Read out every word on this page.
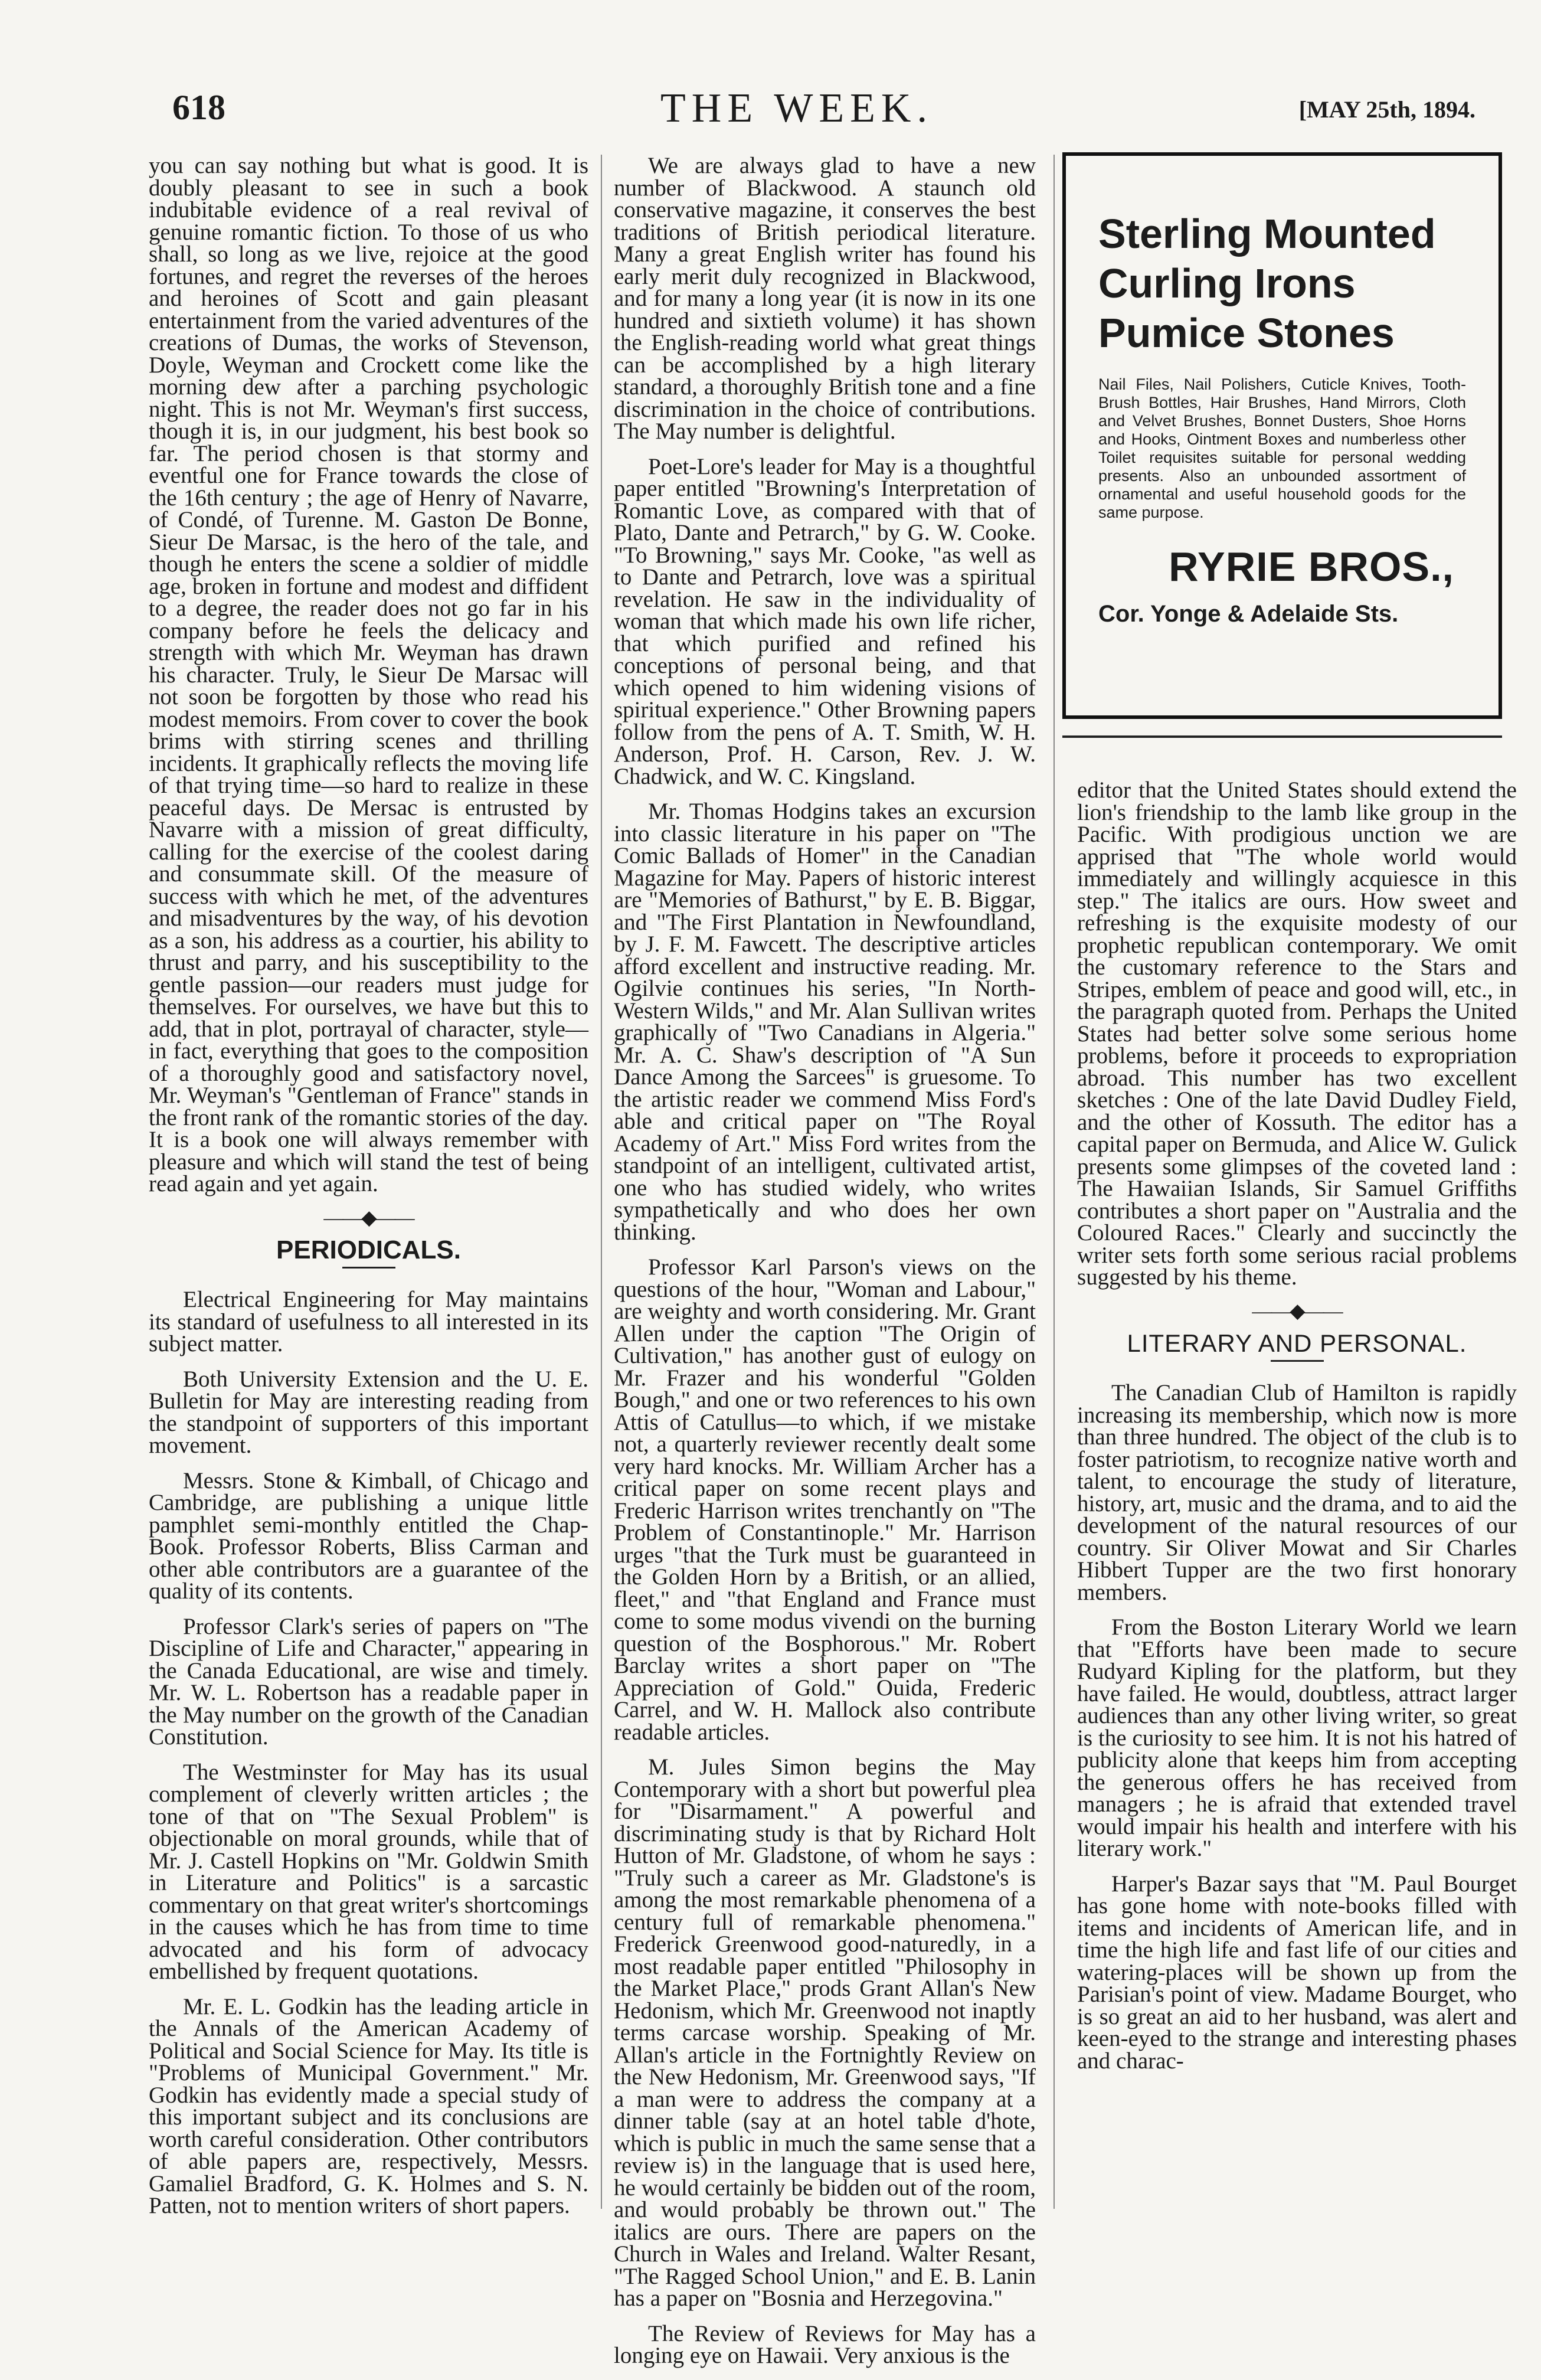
618	THE WEEK.	[MAY 25th, 1894.

you can say nothing but what is good. It is doubly pleasant to see in such a book indubitable evidence of a real revival of genuine romantic fiction. To those of us who shall, so long as we live, rejoice at the good fortunes, and regret the reverses of the heroes and heroines of Scott and gain pleasant entertainment from the varied adventures of the creations of Dumas, the works of Stevenson, Doyle, Weyman and Crockett come like the morning dew after a parching psychologic night. This is not Mr. Weyman's first success, though it is, in our judgment, his best book so far. The period chosen is that stormy and eventful one for France towards the close of the 16th century ; the age of Henry of Navarre, of Condé, of Turenne. M. Gaston De Bonne, Sieur De Marsac, is the hero of the tale, and though he enters the scene a soldier of middle age, broken in fortune and modest and diffident to a degree, the reader does not go far in his company before he feels the delicacy and strength with which Mr. Weyman has drawn his character. Truly, le Sieur De Marsac will not soon be forgotten by those who read his modest memoirs. From cover to cover the book brims with stirring scenes and thrilling incidents. It graphically reflects the moving life of that trying time—so hard to realize in these peaceful days. De Mersac is entrusted by Navarre with a mission of great difficulty, calling for the exercise of the coolest daring and consummate skill. Of the measure of success with which he met, of the adventures and misadventures by the way, of his devotion as a son, his address as a courtier, his ability to thrust and parry, and his susceptibility to the gentle passion—our readers must judge for themselves. For ourselves, we have but this to add, that in plot, portrayal of character, style—in fact, everything that goes to the composition of a thoroughly good and satisfactory novel, Mr. Weyman's "Gentleman of France" stands in the front rank of the romantic stories of the day. It is a book one will always remember with pleasure and which will stand the test of being read again and yet again.

——◆——
PERIODICALS.

Electrical Engineering for May maintains its standard of usefulness to all interested in its subject matter.

Both University Extension and the U. E. Bulletin for May are interesting reading from the standpoint of supporters of this important movement.

Messrs. Stone & Kimball, of Chicago and Cambridge, are publishing a unique little pamphlet semi-monthly entitled the Chap-Book. Professor Roberts, Bliss Carman and other able contributors are a guarantee of the quality of its contents.

Professor Clark's series of papers on "The Discipline of Life and Character," appearing in the Canada Educational, are wise and timely. Mr. W. L. Robertson has a readable paper in the May number on the growth of the Canadian Constitution.

The Westminster for May has its usual complement of cleverly written articles ; the tone of that on "The Sexual Problem" is objectionable on moral grounds, while that of Mr. J. Castell Hopkins on "Mr. Goldwin Smith in Literature and Politics" is a sarcastic commentary on that great writer's shortcomings in the causes which he has from time to time advocated and his form of advocacy embellished by frequent quotations.

Mr. E. L. Godkin has the leading article in the Annals of the American Academy of Political and Social Science for May. Its title is "Problems of Municipal Government." Mr. Godkin has evidently made a special study of this important subject and its conclusions are worth careful consideration. Other contributors of able papers are, respectively, Messrs. Gamaliel Bradford, G. K. Holmes and S. N. Patten, not to mention writers of short papers.

We are always glad to have a new number of Blackwood. A staunch old conservative magazine, it conserves the best traditions of British periodical literature. Many a great English writer has found his early merit duly recognized in Blackwood, and for many a long year (it is now in its one hundred and sixtieth volume) it has shown the English-reading world what great things can be accomplished by a high literary standard, a thoroughly British tone and a fine discrimination in the choice of contributions. The May number is delightful.

Poet-Lore's leader for May is a thoughtful paper entitled "Browning's Interpretation of Romantic Love, as compared with that of Plato, Dante and Petrarch," by G. W. Cooke. "To Browning," says Mr. Cooke, "as well as to Dante and Petrarch, love was a spiritual revelation. He saw in the individuality of woman that which made his own life richer, that which purified and refined his conceptions of personal being, and that which opened to him widening visions of spiritual experience." Other Browning papers follow from the pens of A. T. Smith, W. H. Anderson, Prof. H. Carson, Rev. J. W. Chadwick, and W. C. Kingsland.

Mr. Thomas Hodgins takes an excursion into classic literature in his paper on "The Comic Ballads of Homer" in the Canadian Magazine for May. Papers of historic interest are "Memories of Bathurst," by E. B. Biggar, and "The First Plantation in Newfoundland, by J. F. M. Fawcett. The descriptive articles afford excellent and instructive reading. Mr. Ogilvie continues his series, "In North-Western Wilds," and Mr. Alan Sullivan writes graphically of "Two Canadians in Algeria." Mr. A. C. Shaw's description of "A Sun Dance Among the Sarcees" is gruesome. To the artistic reader we commend Miss Ford's able and critical paper on "The Royal Academy of Art." Miss Ford writes from the standpoint of an intelligent, cultivated artist, one who has studied widely, who writes sympathetically and who does her own thinking.

Professor Karl Parson's views on the questions of the hour, "Woman and Labour," are weighty and worth considering. Mr. Grant Allen under the caption "The Origin of Cultivation," has another gust of eulogy on Mr. Frazer and his wonderful "Golden Bough," and one or two references to his own Attis of Catullus—to which, if we mistake not, a quarterly reviewer recently dealt some very hard knocks. Mr. William Archer has a critical paper on some recent plays and Frederic Harrison writes trenchantly on "The Problem of Constantinople." Mr. Harrison urges "that the Turk must be guaranteed in the Golden Horn by a British, or an allied, fleet," and "that England and France must come to some modus vivendi on the burning question of the Bosphorous." Mr. Robert Barclay writes a short paper on "The Appreciation of Gold." Ouida, Frederic Carrel, and W. H. Mallock also contribute readable articles.

M. Jules Simon begins the May Contemporary with a short but powerful plea for "Disarmament." A powerful and discriminating study is that by Richard Holt Hutton of Mr. Gladstone, of whom he says : "Truly such a career as Mr. Gladstone's is among the most remarkable phenomena of a century full of remarkable phenomena." Frederick Greenwood good-naturedly, in a most readable paper entitled "Philosophy in the Market Place," prods Grant Allan's New Hedonism, which Mr. Greenwood not inaptly terms carcase worship. Speaking of Mr. Allan's article in the Fortnightly Review on the New Hedonism, Mr. Greenwood says, "If a man were to address the company at a dinner table (say at an hotel table d'hote, which is public in much the same sense that a review is) in the language that is used here, he would certainly be bidden out of the room, and would probably be thrown out." The italics are ours. There are papers on the Church in Wales and Ireland. Walter Resant, "The Ragged School Union," and E. B. Lanin has a paper on "Bosnia and Herzegovina."

The Review of Reviews for May has a longing eye on Hawaii. Very anxious is the

Sterling Mounted

Curling Irons

Pumice Stones

Nail Files, Nail Polishers, Cuticle Knives, Tooth-Brush Bottles, Hair Brushes, Hand Mirrors, Cloth and Velvet Brushes, Bonnet Dusters, Shoe Horns and Hooks, Ointment Boxes and numberless other Toilet requisites suitable for personal wedding presents. Also an unbounded assortment of ornamental and useful household goods for the same purpose.

RYRIE BROS.,

Cor. Yonge & Adelaide Sts.

editor that the United States should extend the lion's friendship to the lamb like group in the Pacific. With prodigious unction we are apprised that "The whole world would immediately and willingly acquiesce in this step." The italics are ours. How sweet and refreshing is the exquisite modesty of our prophetic republican contemporary. We omit the customary reference to the Stars and Stripes, emblem of peace and good will, etc., in the paragraph quoted from. Perhaps the United States had better solve some serious home problems, before it proceeds to expropriation abroad. This number has two excellent sketches : One of the late David Dudley Field, and the other of Kossuth. The editor has a capital paper on Bermuda, and Alice W. Gulick presents some glimpses of the coveted land : The Hawaiian Islands, Sir Samuel Griffiths contributes a short paper on "Australia and the Coloured Races." Clearly and succinctly the writer sets forth some serious racial problems suggested by his theme.

——◆——
LITERARY AND PERSONAL.

The Canadian Club of Hamilton is rapidly increasing its membership, which now is more than three hundred. The object of the club is to foster patriotism, to recognize native worth and talent, to encourage the study of literature, history, art, music and the drama, and to aid the development of the natural resources of our country. Sir Oliver Mowat and Sir Charles Hibbert Tupper are the two first honorary members.

From the Boston Literary World we learn that "Efforts have been made to secure Rudyard Kipling for the platform, but they have failed. He would, doubtless, attract larger audiences than any other living writer, so great is the curiosity to see him. It is not his hatred of publicity alone that keeps him from accepting the generous offers he has received from managers ; he is afraid that extended travel would impair his health and interfere with his literary work."

Harper's Bazar says that "M. Paul Bourget has gone home with note-books filled with items and incidents of American life, and in time the high life and fast life of our cities and watering-places will be shown up from the Parisian's point of view. Madame Bourget, who is so great an aid to her husband, was alert and keen-eyed to the strange and interesting phases and charac-
